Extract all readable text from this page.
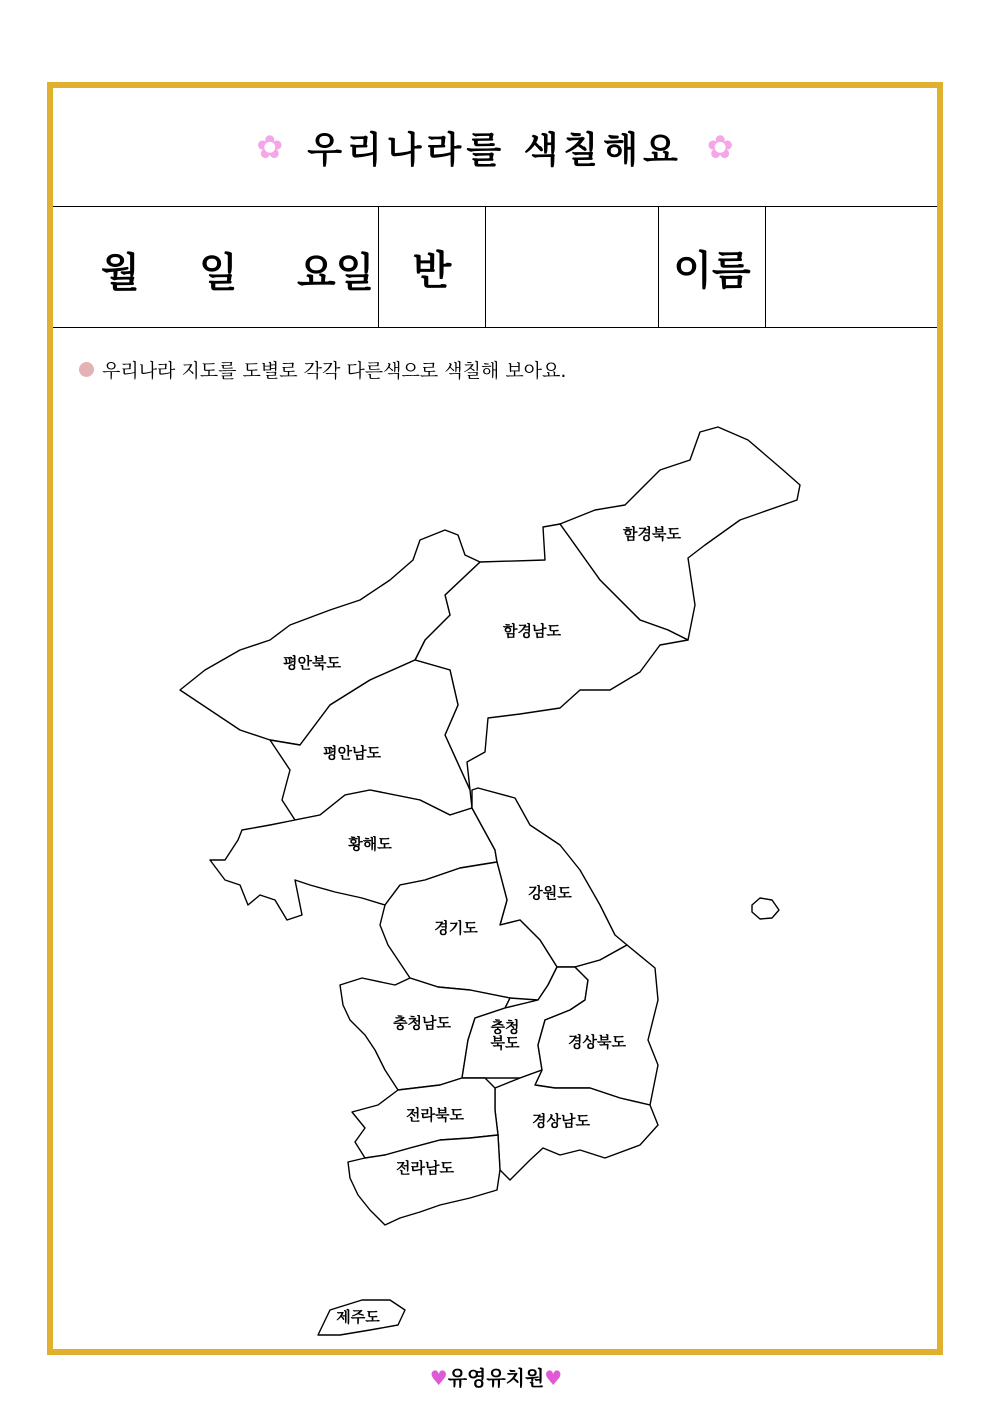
✿ 우리나라를 색칠해요 ✿
월 일 요일 반	이름
우리나라 지도를 도별로 각각 다른색으로 색칠해 보아요.
함경북도
함경남도
평안북도
평안남도
황해도
강원도
경기도
충청남도	충청
북도	경상북도
경상남도
전라북도
전라남도
제주도
♥유영유치원♥
